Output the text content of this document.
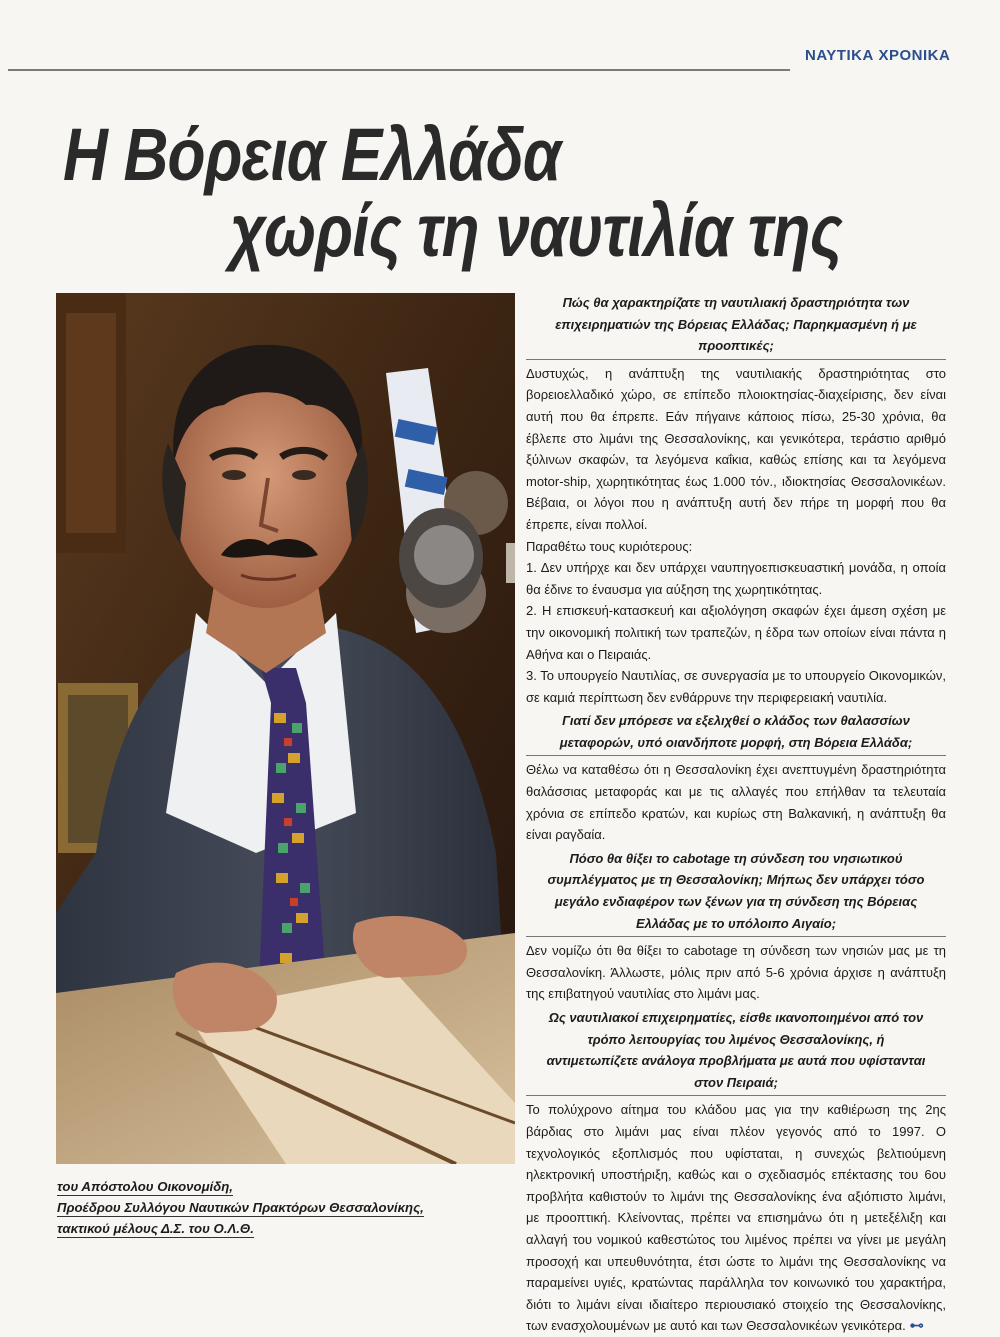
ΝΑΥΤΙΚΑ ΧΡΟΝΙΚΑ
Η Βόρεια Ελλάδα
χωρίς τη ναυτιλία της

του Απόστολου Οικονομίδη,

Προέδρου Συλλόγου Ναυτικών Πρακτόρων Θεσσαλονίκης,

τακτικού μέλους Δ.Σ. του Ο.Λ.Θ.

Πώς θα χαρακτηρίζατε τη ναυτιλιακή δραστηριότητα των επιχειρηματιών της Βόρειας Ελλάδας; Παρηκμασμένη ή με προοπτικές;

Δυστυχώς, η ανάπτυξη της ναυτιλιακής δραστηριότητας στο βορειοελλαδικό χώρο, σε επίπεδο πλοιοκτησίας-διαχείρισης, δεν είναι αυτή που θα έπρεπε. Εάν πήγαινε κάποιος πίσω, 25-30 χρόνια, θα έβλεπε στο λιμάνι της Θεσσαλονίκης, και γενικότερα, τεράστιο αριθμό ξύλινων σκαφών, τα λεγόμενα καΐκια, καθώς επίσης και τα λεγόμενα motor-ship, χωρητικότητας έως 1.000 τόν., ιδιοκτησίας Θεσσαλονικέων. Βέβαια, οι λόγοι που η ανάπτυξη αυτή δεν πήρε τη μορφή που θα έπρεπε, είναι πολλοί.

Παραθέτω τους κυριότερους:

1. Δεν υπήρχε και δεν υπάρχει ναυπηγοεπισκευαστική μονάδα, η οποία θα έδινε το έναυσμα για αύξηση της χωρητικότητας.

2. Η επισκευή-κατασκευή και αξιολόγηση σκαφών έχει άμεση σχέση με την οικονομική πολιτική των τραπεζών, η έδρα των οποίων είναι πάντα η Αθήνα και ο Πειραιάς.

3. Το υπουργείο Ναυτιλίας, σε συνεργασία με το υπουργείο Οικονομικών, σε καμιά περίπτωση δεν ενθάρρυνε την περιφερειακή ναυτιλία.

Γιατί δεν μπόρεσε να εξελιχθεί ο κλάδος των θαλασσίων μεταφορών, υπό οιανδήποτε μορφή, στη Βόρεια Ελλάδα;

Θέλω να καταθέσω ότι η Θεσσαλονίκη έχει ανεπτυγμένη δραστηριότητα θαλάσσιας μεταφοράς και με τις αλλαγές που επήλθαν τα τελευταία χρόνια σε επίπεδο κρατών, και κυρίως στη Βαλκανική, η ανάπτυξη θα είναι ραγδαία.

Πόσο θα θίξει το cabotage τη σύνδεση του νησιωτικού συμπλέγματος με τη Θεσσαλονίκη; Μήπως δεν υπάρχει τόσο μεγάλο ενδιαφέρον των ξένων για τη σύνδεση της Βόρειας Ελλάδας με το υπόλοιπο Αιγαίο;

Δεν νομίζω ότι θα θίξει το cabotage τη σύνδεση των νησιών μας με τη Θεσσαλονίκη. Άλλωστε, μόλις πριν από 5-6 χρόνια άρχισε η ανάπτυξη της επιβατηγού ναυτιλίας στο λιμάνι μας.

Ως ναυτιλιακοί επιχειρηματίες, είσθε ικανοποιημένοι από τον τρόπο λειτουργίας του λιμένος Θεσσαλονίκης, ή αντιμετωπίζετε ανάλογα προβλήματα με αυτά που υφίστανται στον Πειραιά;

Το πολύχρονο αίτημα του κλάδου μας για την καθιέρωση της 2ης βάρδιας στο λιμάνι μας είναι πλέον γεγονός από το 1997. Ο τεχνολογικός εξοπλισμός που υφίσταται, η συνεχώς βελτιούμενη ηλεκτρονική υποστήριξη, καθώς και ο σχεδιασμός επέκτασης του 6ου προβλήτα καθιστούν το λιμάνι της Θεσσαλονίκης ένα αξιόπιστο λιμάνι, με προοπτική. Κλείνοντας, πρέπει να επισημάνω ότι η μετεξέλιξη και αλλαγή του νομικού καθεστώτος του λιμένος πρέπει να γίνει με μεγάλη προσοχή και υπευθυνότητα, έτσι ώστε το λιμάνι της Θεσσαλονίκης να παραμείνει υγιές, κρατώντας παράλληλα τον κοινωνικό του χαρακτήρα, διότι το λιμάνι είναι ιδιαίτερο περιουσιακό στοιχείο της Θεσσαλονίκης, των ενασχολουμένων με αυτό και των Θεσσαλονικέων γενικότερα. ⊷
